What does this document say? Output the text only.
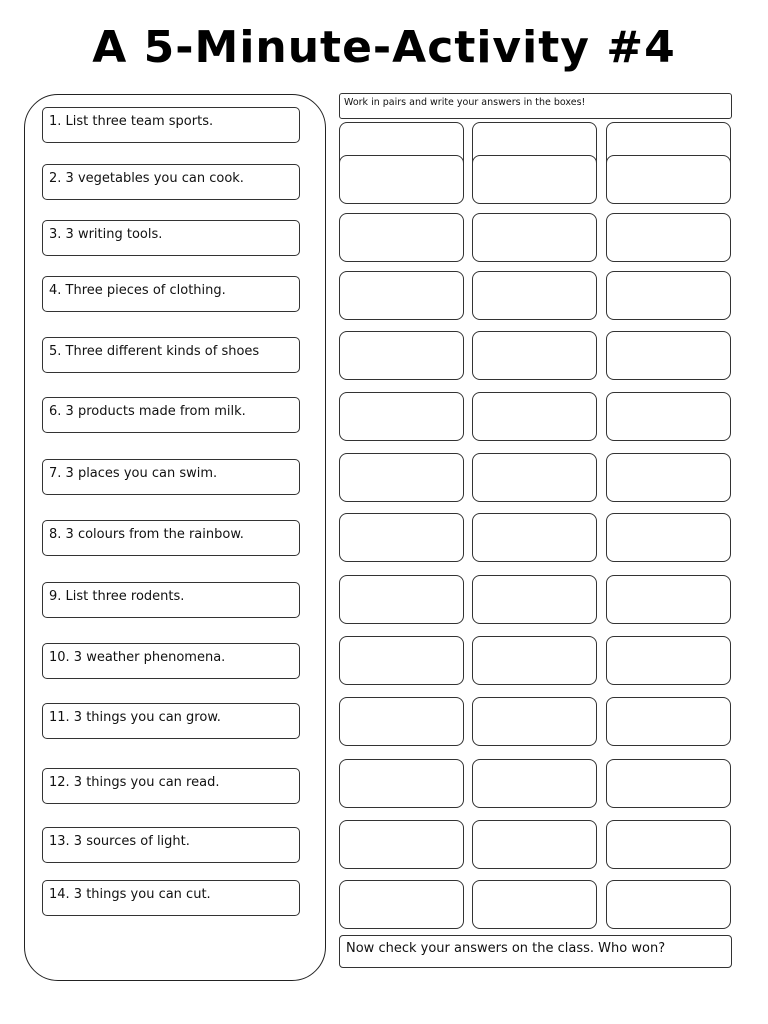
A 5-Minute-Activity #4
1. List three team sports.
2. 3 vegetables you can cook.
3. 3 writing tools.
4. Three pieces of clothing.
5. Three different kinds of shoes
6. 3 products made from milk.
7. 3 places you can swim.
8. 3 colours from the rainbow.
9. List three rodents.
10. 3 weather phenomena.
11. 3 things you can grow.
12. 3 things you can read.
13. 3 sources of light.
14. 3 things you can cut.
Work in pairs and write your answers in the boxes!
Now check your answers on the class. Who won?
